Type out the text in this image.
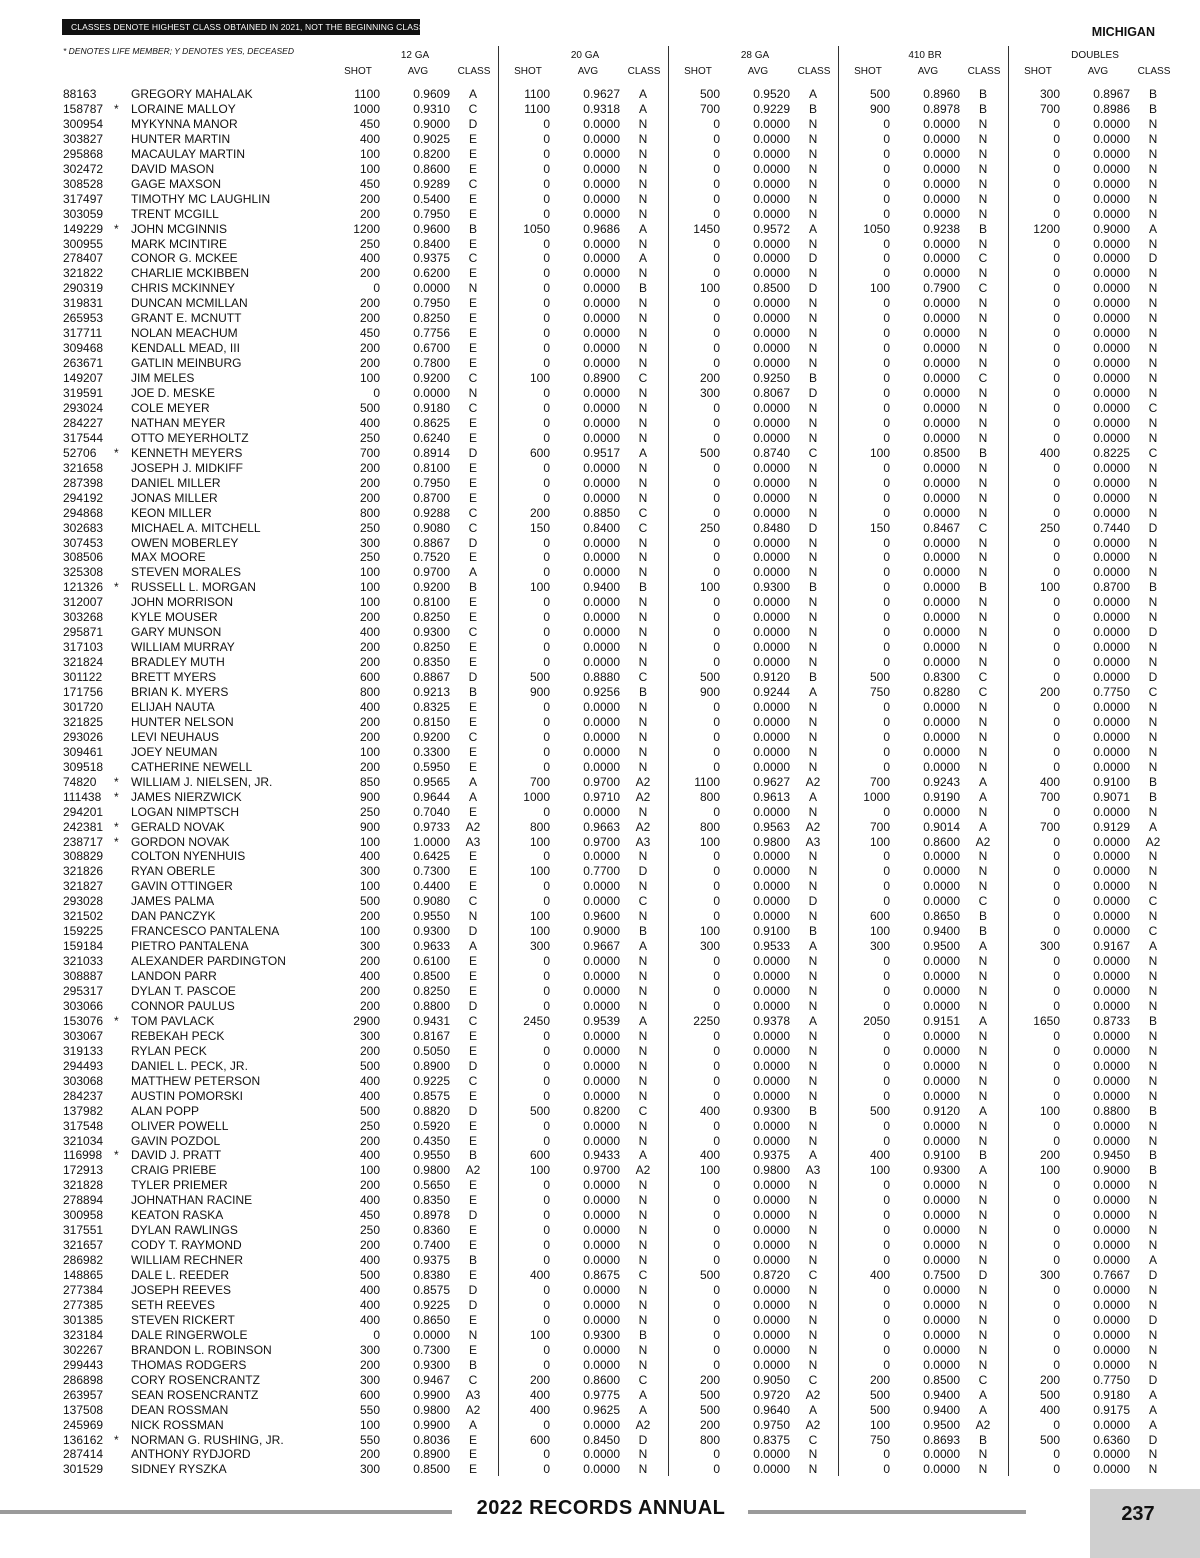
CLASSES DENOTE HIGHEST CLASS OBTAINED IN 2021, NOT THE BEGINNING CLASS FOR 2022.	MICHIGAN
* DENOTES LIFE MEMBER; Y DENOTES YES, DECEASED	12 GA
SHOT	AVG	CLASS
20 GA
SHOT	AVG	CLASS
28 GA
SHOT	AVG	CLASS
410 BR
SHOT	AVG	CLASS
DOUBLES
SHOT	AVG	CLASS
88163	GREGORY MAHALAK	1100	0.9609	A	1100	0.9627	A	500	0.9520	A	500	0.8960	B	300	0.8967	B
158787 * LORAINE MALLOY	1000	0.9310	C	1100	0.9318	A	700	0.9229	B	900	0.8978	B	700	0.8986	B
300954	MYKYNNA MANOR	450	0.9000	D	0	0.0000	N	0	0.0000	N	0	0.0000	N	0	0.0000	N
303827	HUNTER MARTIN	400	0.9025	E	0	0.0000	N	0	0.0000	N	0	0.0000	N	0	0.0000	N
295868	MACAULAY MARTIN	100	0.8200	E	0	0.0000	N	0	0.0000	N	0	0.0000	N	0	0.0000	N
302472	DAVID MASON	100	0.8600	E	0	0.0000	N	0	0.0000	N	0	0.0000	N	0	0.0000	N
308528	GAGE MAXSON	450	0.9289	C	0	0.0000	N	0	0.0000	N	0	0.0000	N	0	0.0000	N
317497	TIMOTHY MC LAUGHLIN	200	0.5400	E	0	0.0000	N	0	0.0000	N	0	0.0000	N	0	0.0000	N
303059	TRENT MCGILL	200	0.7950	E	0	0.0000	N	0	0.0000	N	0	0.0000	N	0	0.0000	N
149229 * JOHN MCGINNIS	1200	0.9600	B	1050	0.9686	A	1450	0.9572	A	1050	0.9238	B	1200	0.9000	A
300955	MARK MCINTIRE	250	0.8400	E	0	0.0000	N	0	0.0000	N	0	0.0000	N	0	0.0000	N
278407	CONOR G. MCKEE	400	0.9375	C	0	0.0000	A	0	0.0000	D	0	0.0000	C	0	0.0000	D
321822	CHARLIE MCKIBBEN	200	0.6200	E	0	0.0000	N	0	0.0000	N	0	0.0000	N	0	0.0000	N
290319	CHRIS MCKINNEY	0	0.0000	N	0	0.0000	B	100	0.8500	D	100	0.7900	C	0	0.0000	N
319831	DUNCAN MCMILLAN	200	0.7950	E	0	0.0000	N	0	0.0000	N	0	0.0000	N	0	0.0000	N
265953	GRANT E. MCNUTT	200	0.8250	E	0	0.0000	N	0	0.0000	N	0	0.0000	N	0	0.0000	N
317711	NOLAN MEACHUM	450	0.7756	E	0	0.0000	N	0	0.0000	N	0	0.0000	N	0	0.0000	N
309468	KENDALL MEAD, III	200	0.6700	E	0	0.0000	N	0	0.0000	N	0	0.0000	N	0	0.0000	N
263671	GATLIN MEINBURG	200	0.7800	E	0	0.0000	N	0	0.0000	N	0	0.0000	N	0	0.0000	N
149207	JIM MELES	100	0.9200	C	100	0.8900	C	200	0.9250	B	0	0.0000	C	0	0.0000	N
319591	JOE D. MESKE	0	0.0000	N	0	0.0000	N	300	0.8067	D	0	0.0000	N	0	0.0000	N
293024	COLE MEYER	500	0.9180	C	0	0.0000	N	0	0.0000	N	0	0.0000	N	0	0.0000	C
284227	NATHAN MEYER	400	0.8625	E	0	0.0000	N	0	0.0000	N	0	0.0000	N	0	0.0000	N
317544	OTTO MEYERHOLTZ	250	0.6240	E	0	0.0000	N	0	0.0000	N	0	0.0000	N	0	0.0000	N
52706	* KENNETH MEYERS	700	0.8914	D	600	0.9517	A	500	0.8740	C	100	0.8500	B	400	0.8225	C
321658	JOSEPH J. MIDKIFF	200	0.8100	E	0	0.0000	N	0	0.0000	N	0	0.0000	N	0	0.0000	N
287398	DANIEL MILLER	200	0.7950	E	0	0.0000	N	0	0.0000	N	0	0.0000	N	0	0.0000	N
294192	JONAS MILLER	200	0.8700	E	0	0.0000	N	0	0.0000	N	0	0.0000	N	0	0.0000	N
294868	KEON MILLER	800	0.9288	C	200	0.8850	C	0	0.0000	N	0	0.0000	N	0	0.0000	N
302683	MICHAEL A. MITCHELL	250	0.9080	C	150	0.8400	C	250	0.8480	D	150	0.8467	C	250	0.7440	D
307453	OWEN MOBERLEY	300	0.8867	D	0	0.0000	N	0	0.0000	N	0	0.0000	N	0	0.0000	N
308506	MAX MOORE	250	0.7520	E	0	0.0000	N	0	0.0000	N	0	0.0000	N	0	0.0000	N
325308	STEVEN MORALES	100	0.9700	A	0	0.0000	N	0	0.0000	N	0	0.0000	N	0	0.0000	N
121326 * RUSSELL L. MORGAN	100	0.9200	B	100	0.9400	B	100	0.9300	B	0	0.0000	B	100	0.8700	B
312007	JOHN MORRISON	100	0.8100	E	0	0.0000	N	0	0.0000	N	0	0.0000	N	0	0.0000	N
303268	KYLE MOUSER	200	0.8250	E	0	0.0000	N	0	0.0000	N	0	0.0000	N	0	0.0000	N
295871	GARY MUNSON	400	0.9300	C	0	0.0000	N	0	0.0000	N	0	0.0000	N	0	0.0000	D
317103	WILLIAM MURRAY	200	0.8250	E	0	0.0000	N	0	0.0000	N	0	0.0000	N	0	0.0000	N
321824	BRADLEY MUTH	200	0.8350	E	0	0.0000	N	0	0.0000	N	0	0.0000	N	0	0.0000	N
301122	BRETT MYERS	600	0.8867	D	500	0.8880	C	500	0.9120	B	500	0.8300	C	0	0.0000	D
171756	BRIAN K. MYERS	800	0.9213	B	900	0.9256	B	900	0.9244	A	750	0.8280	C	200	0.7750	C
301720	ELIJAH NAUTA	400	0.8325	E	0	0.0000	N	0	0.0000	N	0	0.0000	N	0	0.0000	N
321825	HUNTER NELSON	200	0.8150	E	0	0.0000	N	0	0.0000	N	0	0.0000	N	0	0.0000	N
293026	LEVI NEUHAUS	200	0.9200	C	0	0.0000	N	0	0.0000	N	0	0.0000	N	0	0.0000	N
309461	JOEY NEUMAN	100	0.3300	E	0	0.0000	N	0	0.0000	N	0	0.0000	N	0	0.0000	N
309518	CATHERINE NEWELL	200	0.5950	E	0	0.0000	N	0	0.0000	N	0	0.0000	N	0	0.0000	N
74820	* WILLIAM J. NIELSEN, JR.	850	0.9565	A	700	0.9700	A2	1100	0.9627	A2	700	0.9243	A	400	0.9100	B
111438	* JAMES NIERZWICK	900	0.9644	A	1000	0.9710	A2	800	0.9613	A	1000	0.9190	A	700	0.9071	B
294201	LOGAN NIMPTSCH	250	0.7040	E	0	0.0000	N	0	0.0000	N	0	0.0000	N	0	0.0000	N
242381 * GERALD NOVAK	900	0.9733	A2	800	0.9663	A2	800	0.9563	A2	700	0.9014	A	700	0.9129	A
238717 * GORDON NOVAK	100	1.0000	A3	100	0.9700	A3	100	0.9800	A3	100	0.8600	A2	0	0.0000	A2
308829	COLTON NYENHUIS	400	0.6425	E	0	0.0000	N	0	0.0000	N	0	0.0000	N	0	0.0000	N
321826	RYAN OBERLE	300	0.7300	E	100	0.7700	D	0	0.0000	N	0	0.0000	N	0	0.0000	N
321827	GAVIN OTTINGER	100	0.4400	E	0	0.0000	N	0	0.0000	N	0	0.0000	N	0	0.0000	N
293028	JAMES PALMA	500	0.9080	C	0	0.0000	C	0	0.0000	D	0	0.0000	C	0	0.0000	C
321502	DAN PANCZYK	200	0.9550	N	100	0.9600	N	0	0.0000	N	600	0.8650	B	0	0.0000	N
159225	FRANCESCO PANTALENA	100	0.9300	D	100	0.9000	B	100	0.9100	B	100	0.9400	B	0	0.0000	C
159184	PIETRO PANTALENA	300	0.9633	A	300	0.9667	A	300	0.9533	A	300	0.9500	A	300	0.9167	A
321033	ALEXANDER PARDINGTON	200	0.6100	E	0	0.0000	N	0	0.0000	N	0	0.0000	N	0	0.0000	N
308887	LANDON PARR	400	0.8500	E	0	0.0000	N	0	0.0000	N	0	0.0000	N	0	0.0000	N
295317	DYLAN T. PASCOE	200	0.8250	E	0	0.0000	N	0	0.0000	N	0	0.0000	N	0	0.0000	N
303066	CONNOR PAULUS	200	0.8800	D	0	0.0000	N	0	0.0000	N	0	0.0000	N	0	0.0000	N
153076 * TOM PAVLACK	2900	0.9431	C	2450	0.9539	A	2250	0.9378	A	2050	0.9151	A	1650	0.8733	B
303067	REBEKAH PECK	300	0.8167	E	0	0.0000	N	0	0.0000	N	0	0.0000	N	0	0.0000	N
319133	RYLAN PECK	200	0.5050	E	0	0.0000	N	0	0.0000	N	0	0.0000	N	0	0.0000	N
294493	DANIEL L. PECK, JR.	500	0.8900	D	0	0.0000	N	0	0.0000	N	0	0.0000	N	0	0.0000	N
303068	MATTHEW PETERSON	400	0.9225	C	0	0.0000	N	0	0.0000	N	0	0.0000	N	0	0.0000	N
284237	AUSTIN POMORSKI	400	0.8575	E	0	0.0000	N	0	0.0000	N	0	0.0000	N	0	0.0000	N
137982	ALAN POPP	500	0.8820	D	500	0.8200	C	400	0.9300	B	500	0.9120	A	100	0.8800	B
317548	OLIVER POWELL	250	0.5920	E	0	0.0000	N	0	0.0000	N	0	0.0000	N	0	0.0000	N
321034	GAVIN POZDOL	200	0.4350	E	0	0.0000	N	0	0.0000	N	0	0.0000	N	0	0.0000	N
116998 * DAVID J. PRATT	400	0.9550	B	600	0.9433	A	400	0.9375	A	400	0.9100	B	200	0.9450	B
172913	CRAIG PRIEBE	100	0.9800	A2	100	0.9700	A2	100	0.9800	A3	100	0.9300	A	100	0.9000	B
321828	TYLER PRIEMER	200	0.5650	E	0	0.0000	N	0	0.0000	N	0	0.0000	N	0	0.0000	N
278894	JOHNATHAN RACINE	400	0.8350	E	0	0.0000	N	0	0.0000	N	0	0.0000	N	0	0.0000	N
300958	KEATON RASKA	450	0.8978	D	0	0.0000	N	0	0.0000	N	0	0.0000	N	0	0.0000	N
317551	DYLAN RAWLINGS	250	0.8360	E	0	0.0000	N	0	0.0000	N	0	0.0000	N	0	0.0000	N
321657	CODY T. RAYMOND	200	0.7400	E	0	0.0000	N	0	0.0000	N	0	0.0000	N	0	0.0000	N
286982	WILLIAM RECHNER	400	0.9375	B	0	0.0000	N	0	0.0000	N	0	0.0000	N	0	0.0000	A
148865	DALE L. REEDER	500	0.8380	E	400	0.8675	C	500	0.8720	C	400	0.7500	D	300	0.7667	D
277384	JOSEPH REEVES	400	0.8575	D	0	0.0000	N	0	0.0000	N	0	0.0000	N	0	0.0000	N
277385	SETH REEVES	400	0.9225	D	0	0.0000	N	0	0.0000	N	0	0.0000	N	0	0.0000	N
301385	STEVEN RICKERT	400	0.8650	E	0	0.0000	N	0	0.0000	N	0	0.0000	N	0	0.0000	D
323184	DALE RINGERWOLE	0	0.0000	N	100	0.9300	B	0	0.0000	N	0	0.0000	N	0	0.0000	N
302267	BRANDON L. ROBINSON	300	0.7300	E	0	0.0000	N	0	0.0000	N	0	0.0000	N	0	0.0000	N
299443	THOMAS RODGERS	200	0.9300	B	0	0.0000	N	0	0.0000	N	0	0.0000	N	0	0.0000	N
286898	CORY ROSENCRANTZ	300	0.9467	C	200	0.8600	C	200	0.9050	C	200	0.8500	C	200	0.7750	D
263957	SEAN ROSENCRANTZ	600	0.9900	A3	400	0.9775	A	500	0.9720	A2	500	0.9400	A	500	0.9180	A
137508	DEAN ROSSMAN	550	0.9800	A2	400	0.9625	A	500	0.9640	A	500	0.9400	A	400	0.9175	A
245969	NICK ROSSMAN	100	0.9900	A	0	0.0000	A2	200	0.9750	A2	100	0.9500	A2	0	0.0000	A
136162 * NORMAN G. RUSHING, JR.	550	0.8036	E	600	0.8450	D	800	0.8375	C	750	0.8693	B	500	0.6360	D
287414	ANTHONY RYDJORD	200	0.8900	E	0	0.0000	N	0	0.0000	N	0	0.0000	N	0	0.0000	N
301529	SIDNEY RYSZKA	300	0.8500	E	0	0.0000	N	0	0.0000	N	0	0.0000	N	0	0.0000	N
2022 RECORDS ANNUAL	237
